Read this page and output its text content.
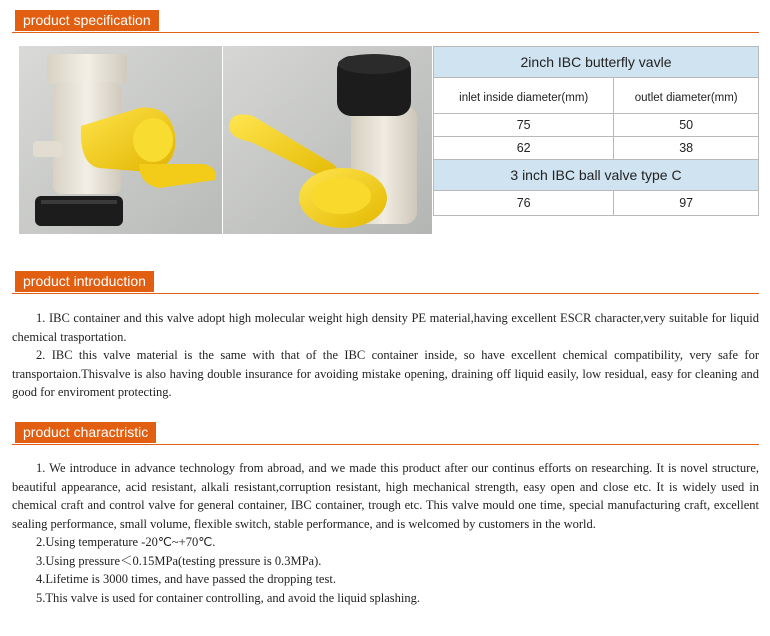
product specification
2inch IBC butterfly vavle	
inlet inside diameter(mm)	outlet diameter(mm)
75	50
62	38
3 inch IBC ball valve type C	
76	97
product introduction

1. IBC container and this valve adopt high molecular weight high density PE material,having excellent ESCR character,very suitable for liquid chemical trasportation.

2. IBC this valve material is the same with that of the IBC container inside, so have excellent chemical compatibility, very safe for transportaion.Thisvalve is also having double insurance for avoiding mistake opening, draining off liquid easily, low residual, easy for cleaning and good for enviroment protecting.

product charactristic

1. We introduce in advance technology from abroad, and we made this product after our continus efforts on researching. It is novel structure, beautiful appearance, acid resistant, alkali resistant,corruption resistant, high mechanical strength, easy open and close etc. It is widely used in chemical craft and control valve for general container, IBC container, trough etc. This valve mould one time, special manufacturing craft, excellent sealing performance, small volume, flexible switch, stable performance, and is welcomed by customers in the world.

2.Using temperature -20℃~+70℃.

3.Using pressure＜0.15MPa(testing pressure is 0.3MPa).

4.Lifetime is 3000 times, and have passed the dropping test.

5.This valve is used for container controlling, and avoid the liquid splashing.
